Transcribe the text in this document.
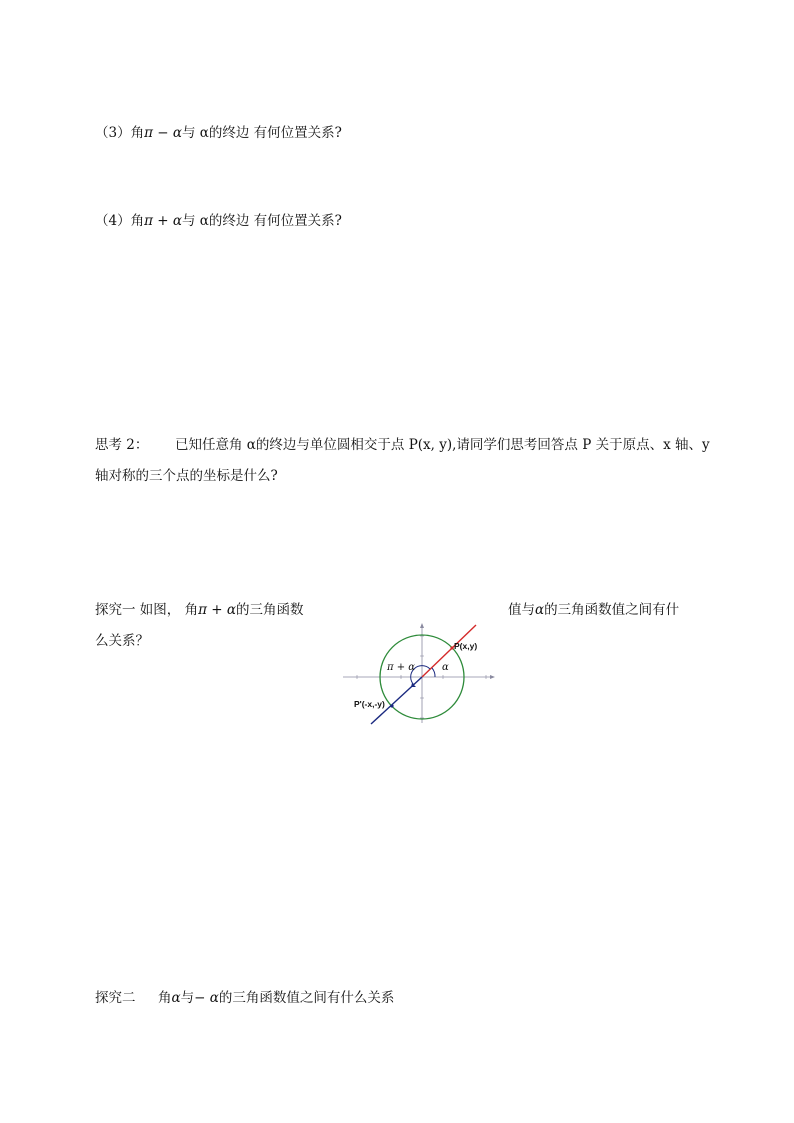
（3）角π − α与 α的终边 有何位置关系?
（4）角π + α与 α的终边 有何位置关系?
思考 2： 已知任意角 α的终边与单位圆相交于点 P(x, y),请同学们思考回答点 P 关于原点、x 轴、y
轴对称的三个点的坐标是什么?
探究一 如图， 角π + α的三角函数	值与α的三角函数值之间有什
么关系？	P(x,y)
P'(-x,-y)
π + α	α
探究二 角α与− α的三角函数值之间有什么关系
